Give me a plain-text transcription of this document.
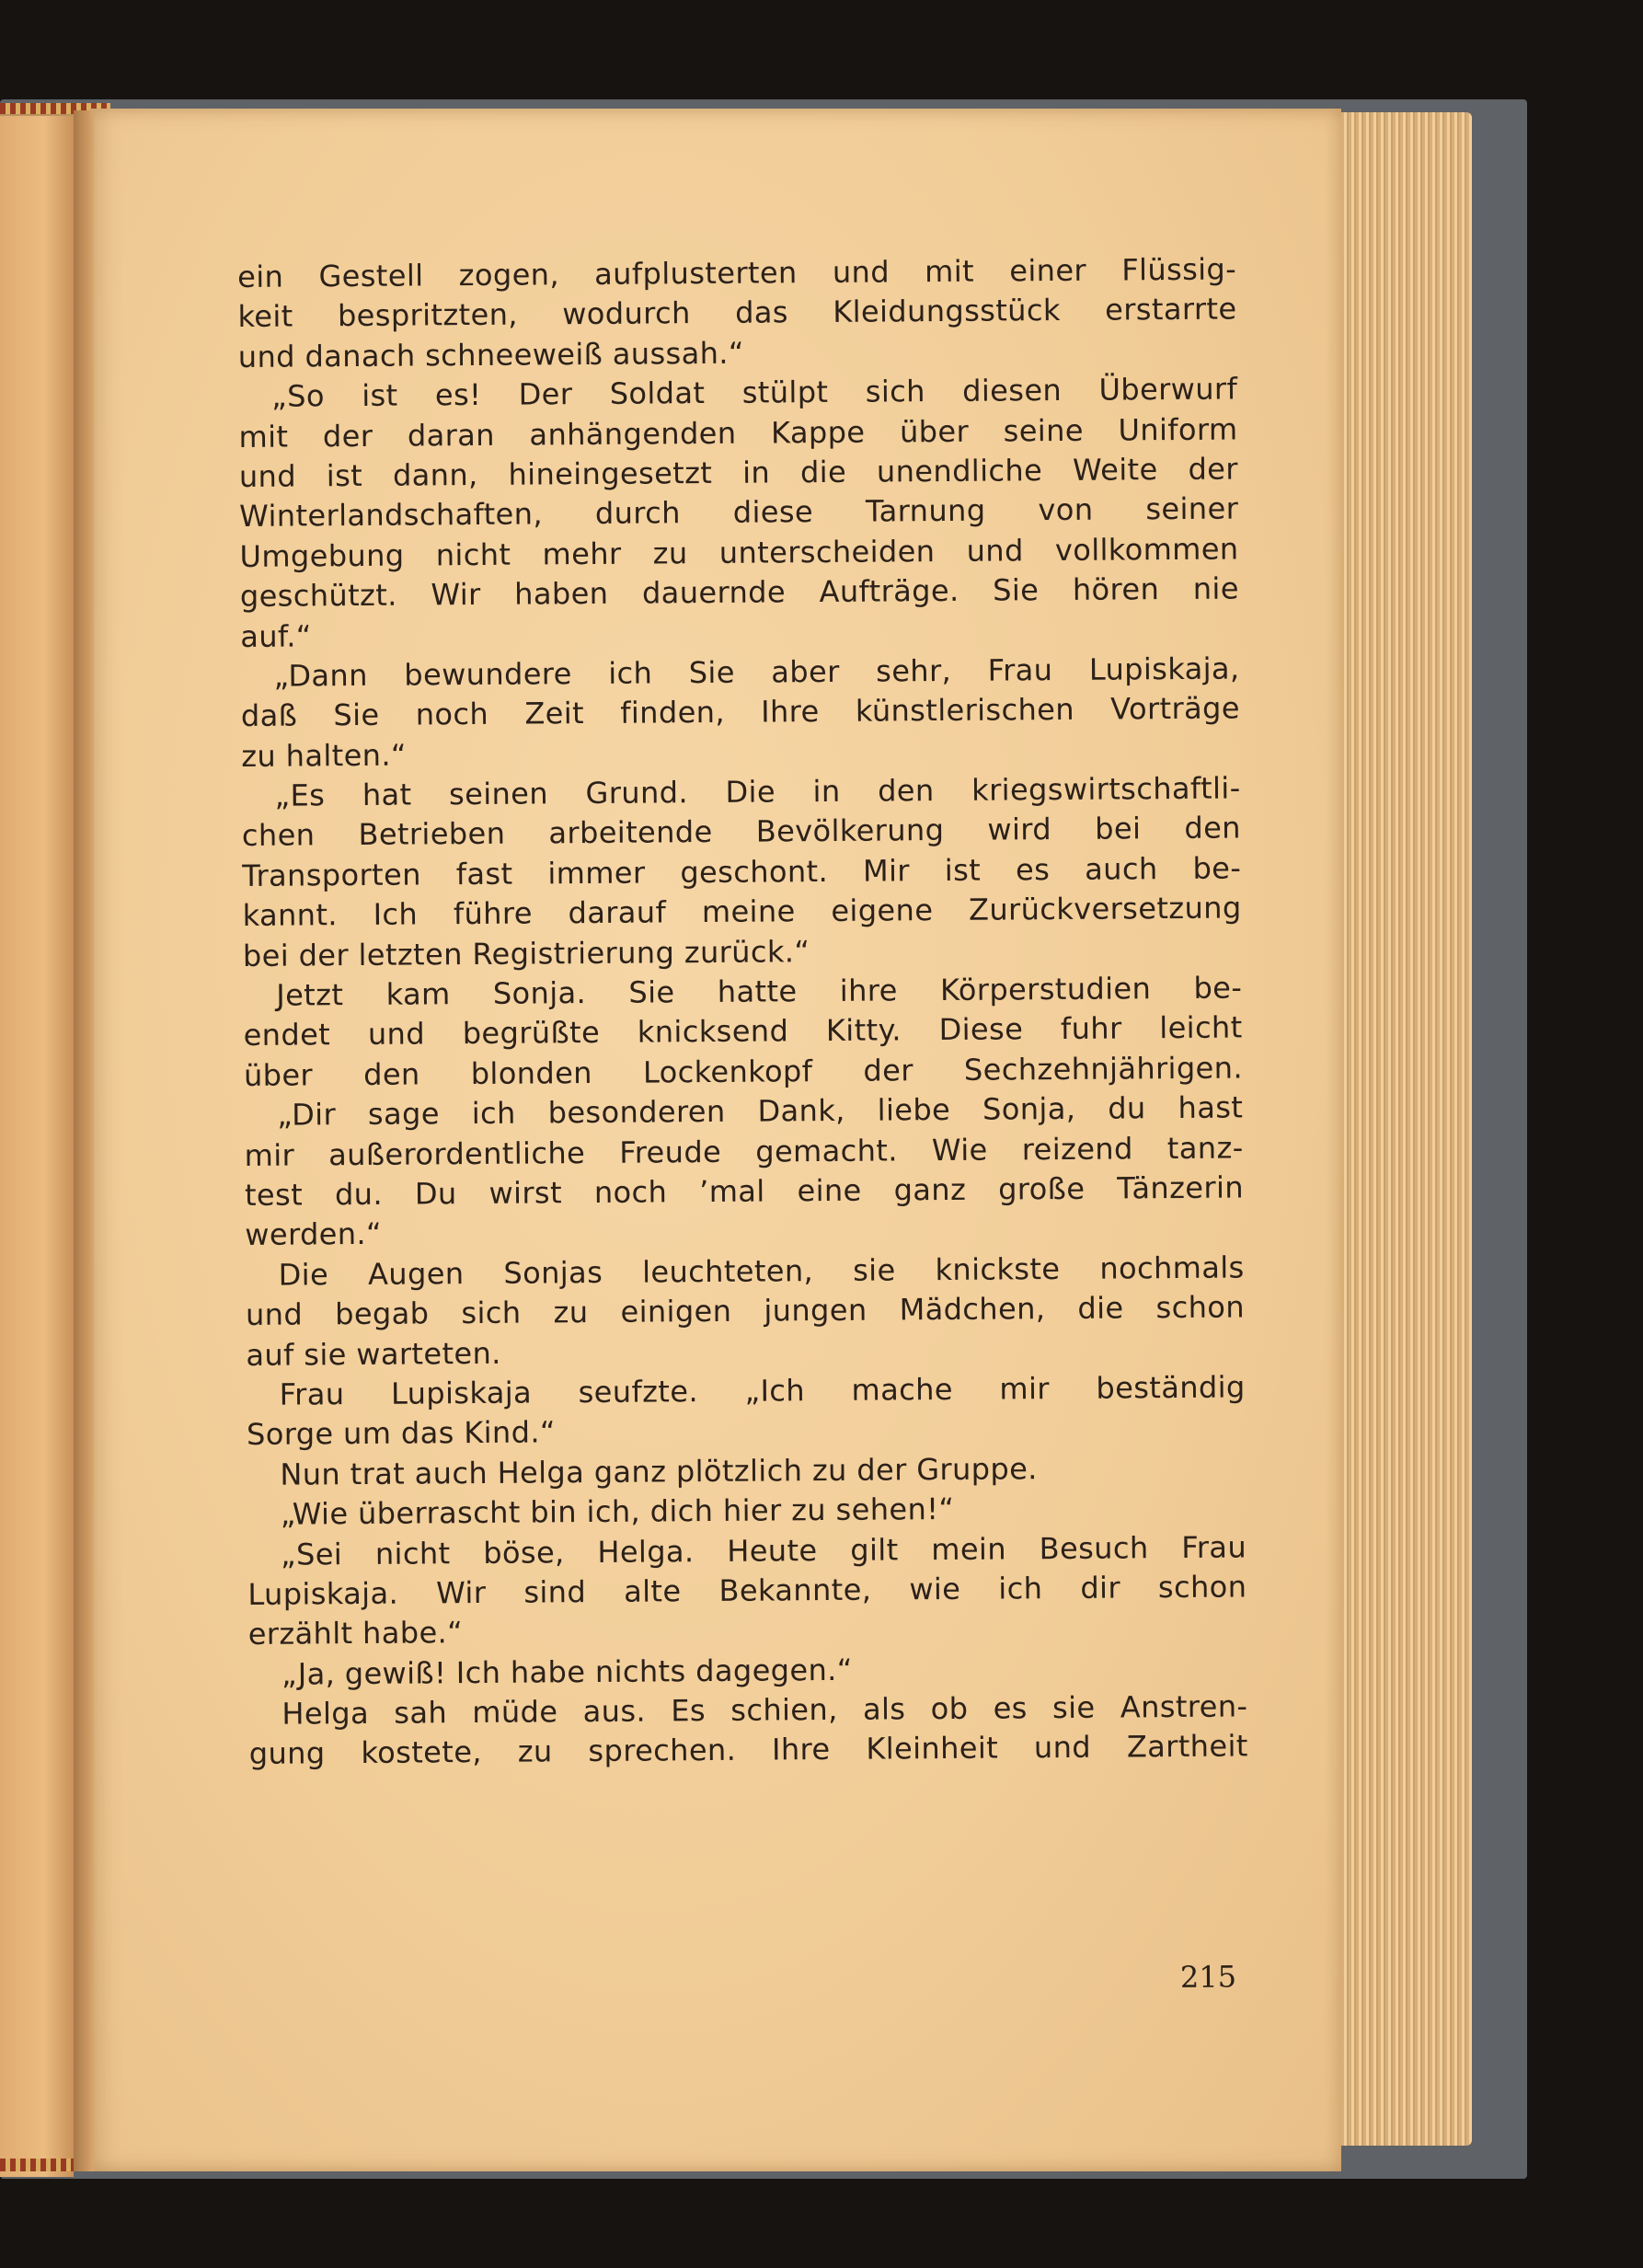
ein Gestell zogen, aufplusterten und mit einer Flüssig-
keit bespritzten, wodurch das Kleidungsstück erstarrte
und danach schneeweiß aussah.“
„So ist es! Der Soldat stülpt sich diesen Überwurf
mit der daran anhängenden Kappe über seine Uniform
und ist dann, hineingesetzt in die unendliche Weite der
Winterlandschaften, durch diese Tarnung von seiner
Umgebung nicht mehr zu unterscheiden und vollkommen
geschützt. Wir haben dauernde Aufträge. Sie hören nie
auf.“
„Dann bewundere ich Sie aber sehr, Frau Lupiskaja,
daß Sie noch Zeit finden, Ihre künstlerischen Vorträge
zu halten.“
„Es hat seinen Grund. Die in den kriegswirtschaftli-
chen Betrieben arbeitende Bevölkerung wird bei den
Transporten fast immer geschont. Mir ist es auch be-
kannt. Ich führe darauf meine eigene Zurückversetzung
bei der letzten Registrierung zurück.“
Jetzt kam Sonja. Sie hatte ihre Körperstudien be-
endet und begrüßte knicksend Kitty. Diese fuhr leicht
über den blonden Lockenkopf der Sechzehnjährigen.
„Dir sage ich besonderen Dank, liebe Sonja, du hast
mir außerordentliche Freude gemacht. Wie reizend tanz-
test du. Du wirst noch ’mal eine ganz große Tänzerin
werden.“
Die Augen Sonjas leuchteten, sie knickste nochmals
und begab sich zu einigen jungen Mädchen, die schon
auf sie warteten.
Frau Lupiskaja seufzte. „Ich mache mir beständig
Sorge um das Kind.“
Nun trat auch Helga ganz plötzlich zu der Gruppe.
„Wie überrascht bin ich, dich hier zu sehen!“
„Sei nicht böse, Helga. Heute gilt mein Besuch Frau
Lupiskaja. Wir sind alte Bekannte, wie ich dir schon
erzählt habe.“
„Ja, gewiß! Ich habe nichts dagegen.“
Helga sah müde aus. Es schien, als ob es sie Anstren-
gung kostete, zu sprechen. Ihre Kleinheit und Zartheit
215
